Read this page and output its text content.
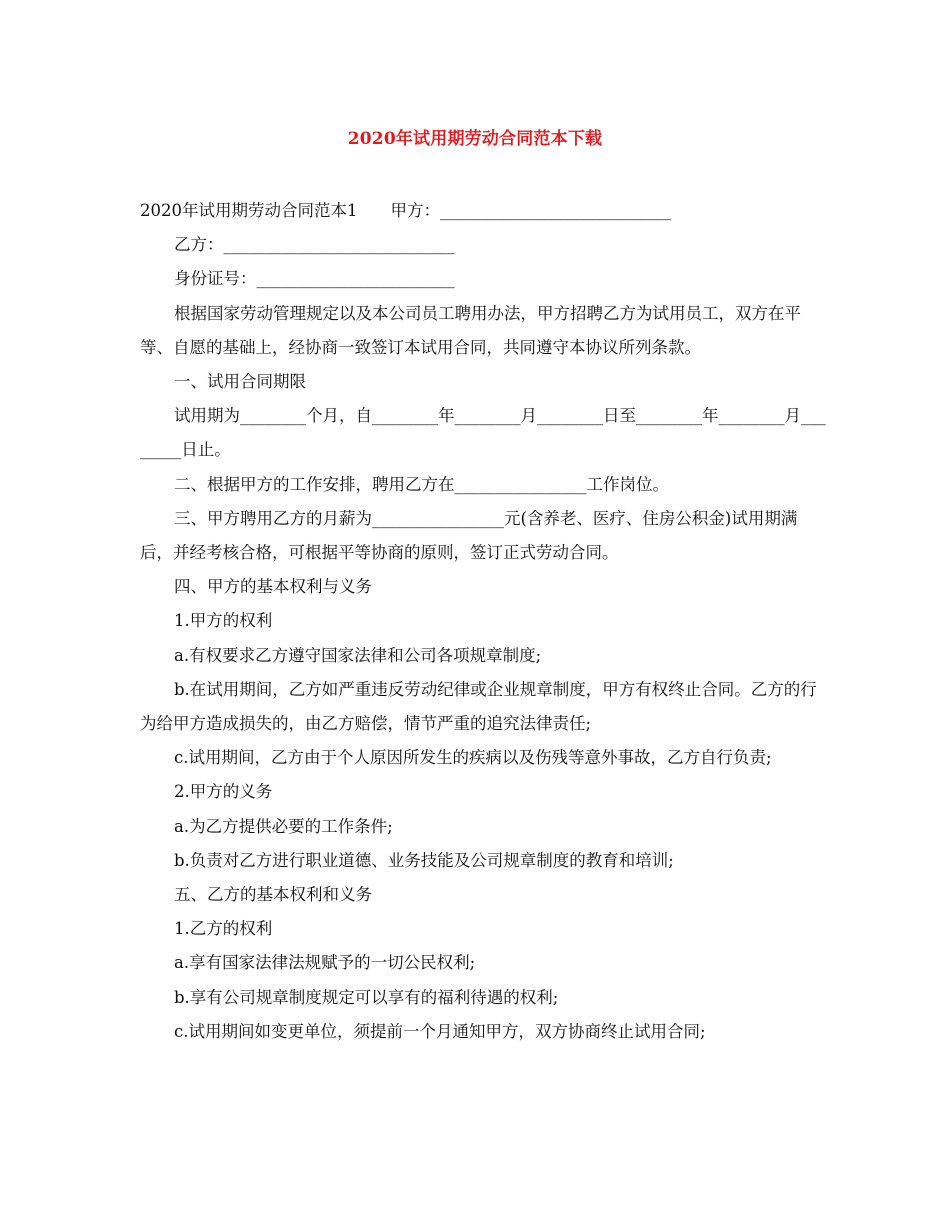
2020年试用期劳动合同范本下载

2020年试用期劳动合同范本1　　甲方：____________________________

乙方：____________________________

身份证号：________________________

根据国家劳动管理规定以及本公司员工聘用办法，甲方招聘乙方为试用员工，双方在平等、自愿的基础上，经协商一致签订本试用合同，共同遵守本协议所列条款。

一、试用合同期限

试用期为________个月，自________年________月________日至________年________月________日止。

二、根据甲方的工作安排，聘用乙方在________________工作岗位。

三、甲方聘用乙方的月薪为________________元(含养老、医疗、住房公积金)试用期满后，并经考核合格，可根据平等协商的原则，签订正式劳动合同。

四、甲方的基本权利与义务

1.甲方的权利

a.有权要求乙方遵守国家法律和公司各项规章制度;

b.在试用期间，乙方如严重违反劳动纪律或企业规章制度，甲方有权终止合同。乙方的行为给甲方造成损失的，由乙方赔偿，情节严重的追究法律责任;

c.试用期间，乙方由于个人原因所发生的疾病以及伤残等意外事故，乙方自行负责;

2.甲方的义务

a.为乙方提供必要的工作条件;

b.负责对乙方进行职业道德、业务技能及公司规章制度的教育和培训;

五、乙方的基本权利和义务

1.乙方的权利

a.享有国家法律法规赋予的一切公民权利;

b.享有公司规章制度规定可以享有的福利待遇的权利;

c.试用期间如变更单位，须提前一个月通知甲方，双方协商终止试用合同;
